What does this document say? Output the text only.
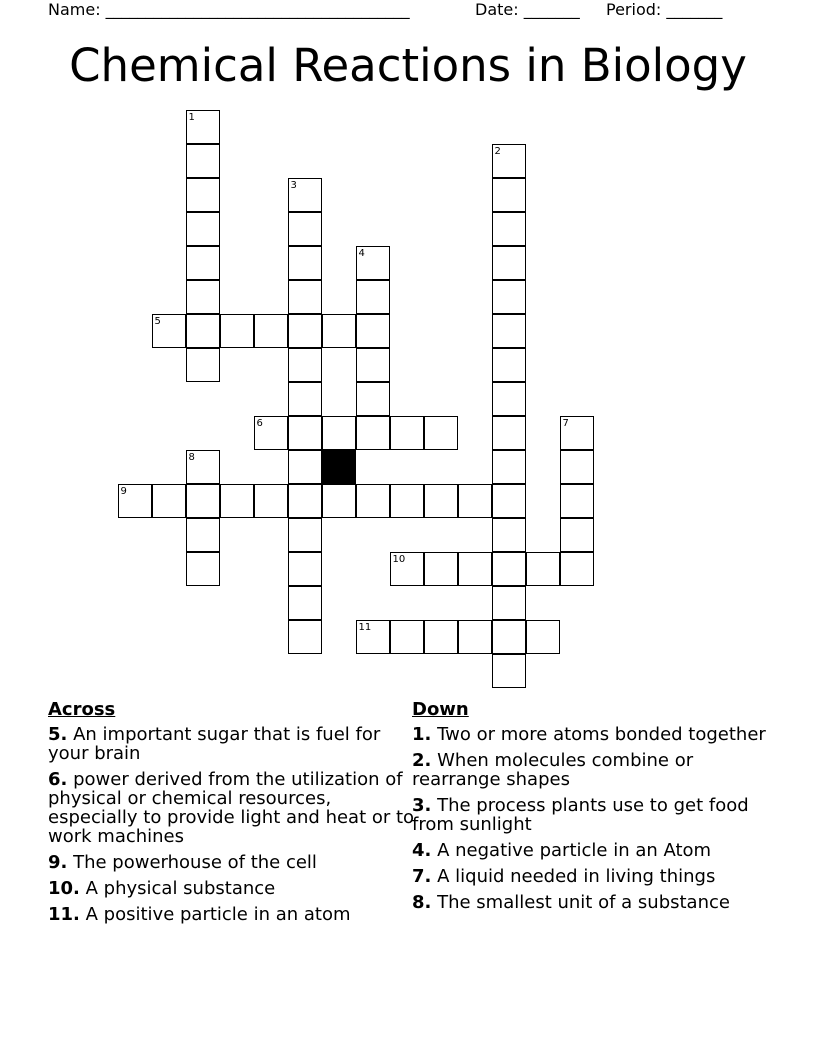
Name: ______________________________________	Date: _______ Period: _______
Chemical Reactions in Biology
1
2
3
4
5
6	7
8
9
10
11
Across
5. An important sugar that is fuel for your brain
6. power derived from the utilization of physical or chemical resources, especially to provide light and heat or to work machines
9. The powerhouse of the cell
10. A physical substance
11. A positive particle in an atom
Down
1. Two or more atoms bonded together
2. When molecules combine or rearrange shapes
3. The process plants use to get food from sunlight
4. A negative particle in an Atom
7. A liquid needed in living things
8. The smallest unit of a substance
